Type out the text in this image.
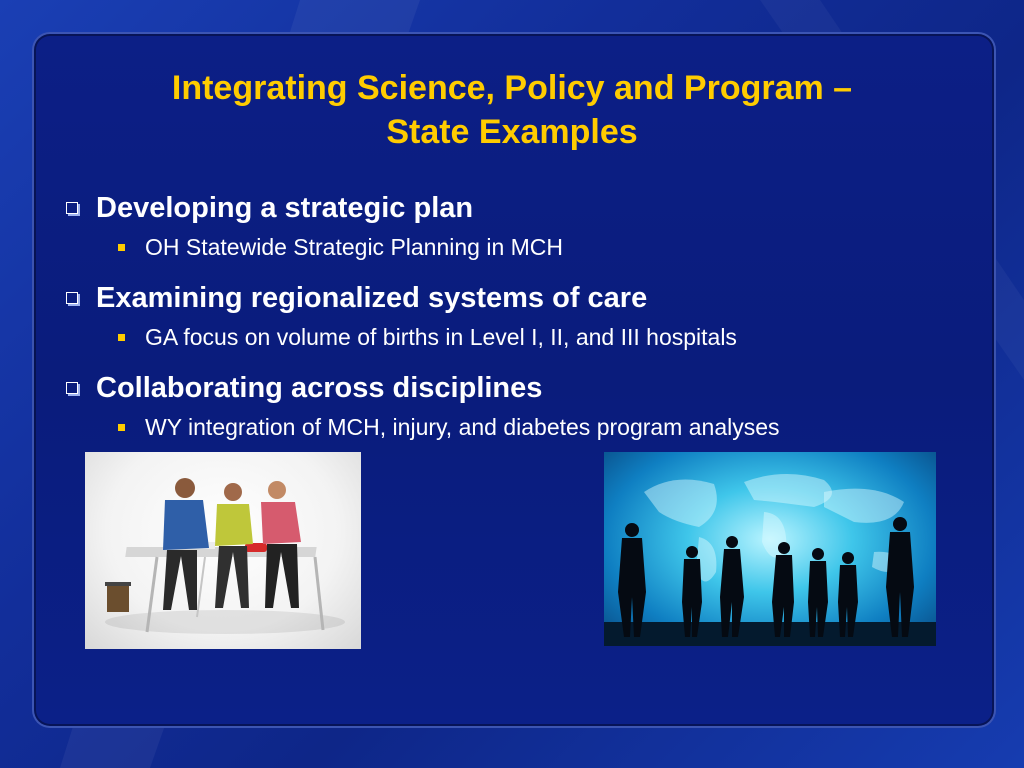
Integrating Science, Policy and Program –
State Examples
Developing a strategic plan
OH Statewide Strategic Planning in MCH
Examining regionalized systems of care
GA focus on volume of births in Level I, II, and III hospitals
Collaborating across disciplines
WY integration of MCH, injury, and diabetes program analyses
